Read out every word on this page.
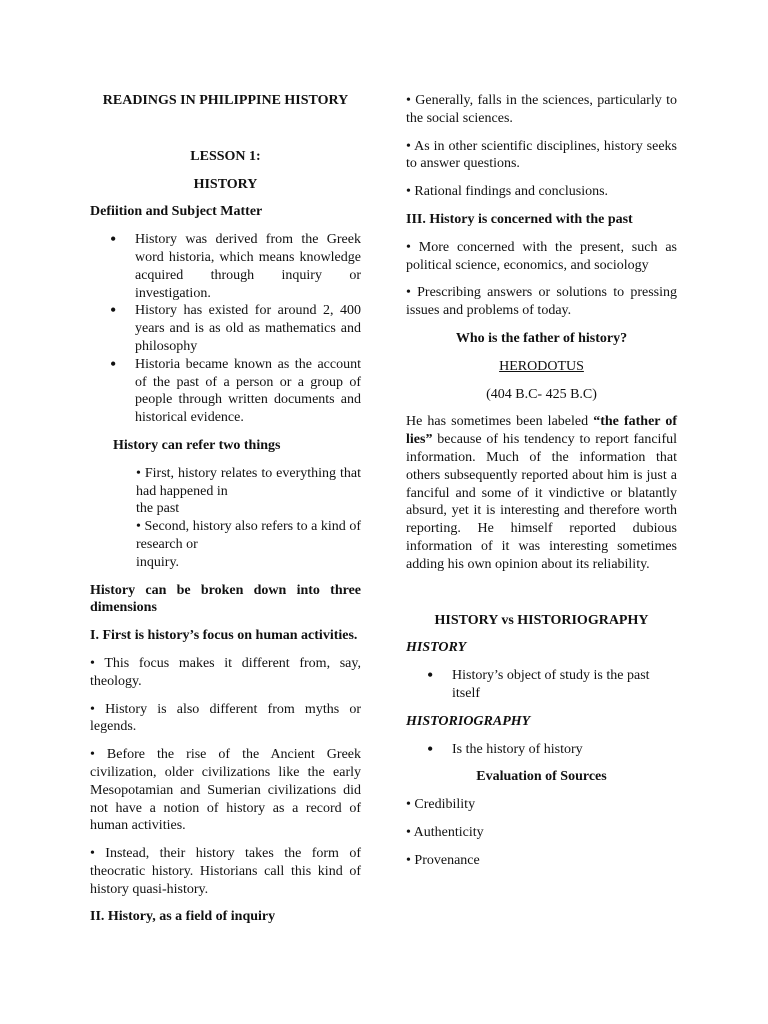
READINGS IN PHILIPPINE HISTORY

LESSON 1:

HISTORY

Defiition and Subject Matter

• History was derived from the Greek word historia, which means knowledge acquired through inquiry or investigation.
• History has existed for around 2, 400 years and is as old as mathematics and philosophy
• Historia became known as the account of the past of a person or a group of people through written documents and historical evidence.

History can refer two things

• First, history relates to everything that had happened in

the past

• Second, history also refers to a kind of research or

inquiry.

History can be broken down into three dimensions

I. First is history’s focus on human activities.

• This focus makes it different from, say, theology.

• History is also different from myths or legends.

• Before the rise of the Ancient Greek civilization, older civilizations like the early Mesopotamian and Sumerian civilizations did not have a notion of history as a record of human activities.

• Instead, their history takes the form of theocratic history. Historians call this kind of history quasi-history.

II. History, as a field of inquiry

• Generally, falls in the sciences, particularly to the social sciences.

• As in other scientific disciplines, history seeks to answer questions.

• Rational findings and conclusions.

III. History is concerned with the past

• More concerned with the present, such as political science, economics, and sociology

• Prescribing answers or solutions to pressing issues and problems of today.

Who is the father of history?

HERODOTUS

(404 B.C- 425 B.C)

He has sometimes been labeled “the father of lies” because of his tendency to report fanciful information. Much of the information that others subsequently reported about him is just a fanciful and some of it vindictive or blatantly absurd, yet it is interesting and therefore worth reporting. He himself reported dubious information of it was interesting sometimes adding his own opinion about its reliability.

HISTORY vs HISTORIOGRAPHY

HISTORY

• History’s object of study is the past itself

HISTORIOGRAPHY

• Is the history of history

Evaluation of Sources

• Credibility

• Authenticity

• Provenance
